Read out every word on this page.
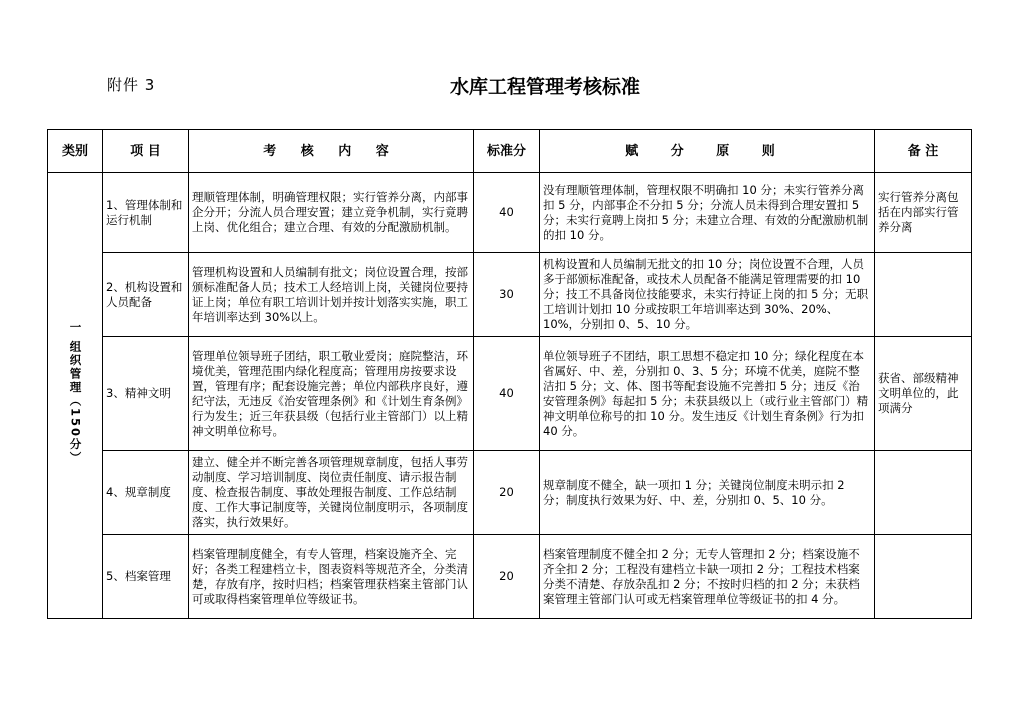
附件 3	水库工程管理考核标准
类别	项 目	考 核 内 容	标准分	赋 分 原 则	备 注
一 组织管理（150分）	1、管理体制和运行机制	理顺管理体制，明确管理权限；实行管养分离，内部事企分开；分流人员合理安置；建立竞争机制，实行竟聘上岗、优化组合；建立合理、有效的分配激励机制。	40	没有理顺管理体制，管理权限不明确扣 10 分；未实行管养分离扣 5 分，内部事企不分扣 5 分；分流人员未得到合理安置扣 5 分；未实行竟聘上岗扣 5 分；未建立合理、有效的分配激励机制的扣 10 分。	实行管养分离包括在内部实行管养分离
	2、机构设置和人员配备	管理机构设置和人员编制有批文；岗位设置合理，按部颁标准配备人员；技术工人经培训上岗，关键岗位要持证上岗；单位有职工培训计划并按计划落实实施，职工年培训率达到 30%以上。	30	机构设置和人员编制无批文的扣 10 分；岗位设置不合理，人员多于部颁标准配备，或技术人员配备不能满足管理需要的扣 10 分；技工不具备岗位技能要求，未实行持证上岗的扣 5 分；无职工培训计划扣 10 分或按职工年培训率达到 30%、20%、10%，分别扣 0、5、10 分。	
	3、精神文明	管理单位领导班子团结，职工敬业爱岗；庭院整洁，环境优美，管理范围内绿化程度高；管理用房按要求设置，管理有序；配套设施完善；单位内部秩序良好，遵纪守法，无违反《治安管理条例》和《计划生育条例》行为发生；近三年获县级（包括行业主管部门）以上精神文明单位称号。	40	单位领导班子不团结，职工思想不稳定扣 10 分；绿化程度在本省属好、中、差，分别扣 0、3、5 分；环境不优美，庭院不整洁扣 5 分；文、体、图书等配套设施不完善扣 5 分；违反《治安管理条例》每起扣 5 分；未获县级以上（或行业主管部门）精神文明单位称号的扣 10 分。发生违反《计划生育条例》行为扣 40 分。	获省、部级精神文明单位的，此项满分
	4、规章制度	建立、健全并不断完善各项管理规章制度，包括人事劳动制度、学习培训制度、岗位责任制度、请示报告制度、检查报告制度、事故处理报告制度、工作总结制度、工作大事记制度等，关键岗位制度明示，各项制度落实，执行效果好。	20	规章制度不健全，缺一项扣 1 分；关键岗位制度未明示扣 2 分；制度执行效果为好、中、差，分别扣 0、5、10 分。	
	5、档案管理	档案管理制度健全，有专人管理，档案设施齐全、完好；各类工程建档立卡，图表资料等规范齐全，分类清楚，存放有序，按时归档；档案管理获档案主管部门认可或取得档案管理单位等级证书。	20	档案管理制度不健全扣 2 分；无专人管理扣 2 分；档案设施不齐全扣 2 分；工程没有建档立卡缺一项扣 2 分；工程技术档案分类不清楚、存放杂乱扣 2 分；不按时归档的扣 2 分；未获档案管理主管部门认可或无档案管理单位等级证书的扣 4 分。	
